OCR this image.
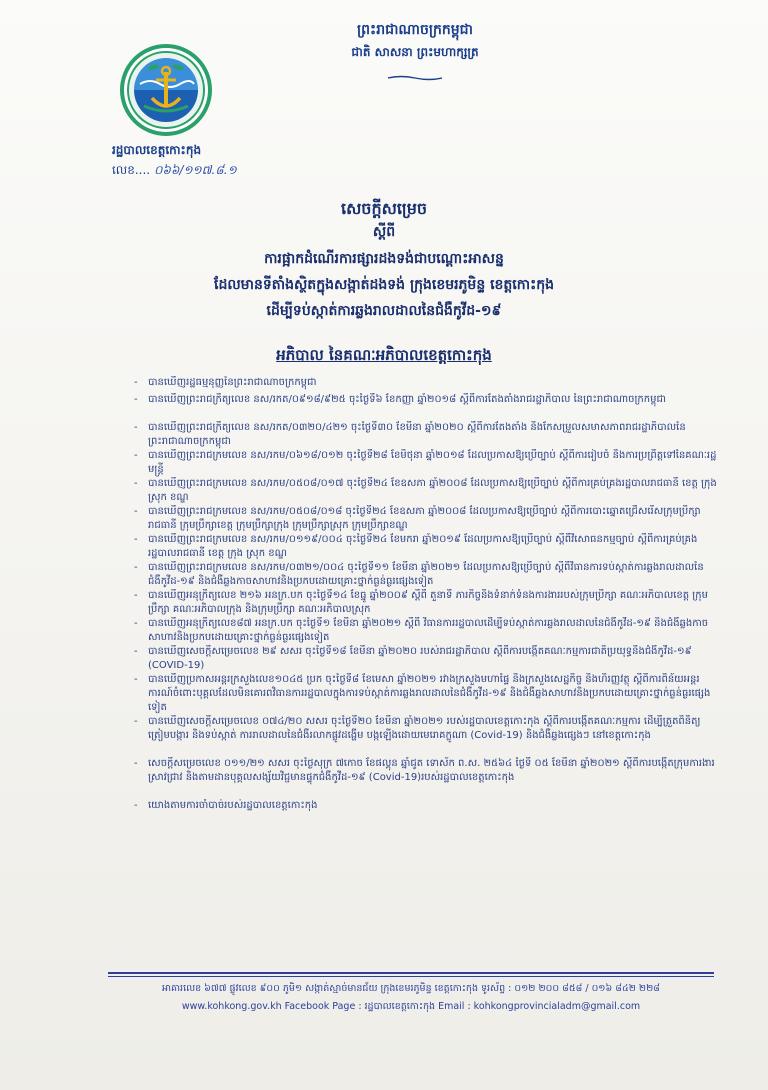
ព្រះរាជាណាចក្រកម្ពុជា
ជាតិ សាសនា ព្រះមហាក្សត្រ
រដ្ឋបាលខេត្តកោះកុង
លេខ.... ០៦៦/១១៧.៨.១
សេចក្តីសម្រេច
ស្តីពី
ការផ្អាកដំណើរការផ្សារដងទង់ជាបណ្តោះអាសន្ន
ដែលមានទីតាំងស្ថិតក្នុងសង្កាត់ដងទង់ ក្រុងខេមរភូមិន្ទ ខេត្តកោះកុង
ដើម្បីទប់ស្កាត់ការឆ្លងរាលដាលនៃជំងឺកូវីដ-១៩
អភិបាល នៃគណៈអភិបាលខេត្តកោះកុង
- បានឃើញរដ្ឋធម្មនុញ្ញនៃព្រះរាជាណាចក្រកម្ពុជា
- បានឃើញព្រះរាជក្រឹត្យលេខ នស/រកត/០៩១៨/៩២៥ ចុះថ្ងៃទី៦ ខែកញ្ញា ឆ្នាំ២០១៨ ស្តីពីការតែងតាំងរាជរដ្ឋាភិបាល នៃព្រះរាជាណាចក្រកម្ពុជា
- បានឃើញព្រះរាជក្រឹត្យលេខ នស/រកត/០៣២០/៤២១ ចុះថ្ងៃទី៣០ ខែមីនា ឆ្នាំ២០២០ ស្តីពីការតែងតាំង និងកែសម្រួលសមាសភាពរាជរដ្ឋាភិបាលនៃព្រះរាជាណាចក្រកម្ពុជា
- បានឃើញព្រះរាជក្រមលេខ នស/រកម/០៦១៨/០១២ ចុះថ្ងៃទី២៨ ខែមិថុនា ឆ្នាំ២០១៨ ដែលប្រកាសឱ្យប្រើច្បាប់ ស្តីពីការរៀបចំ និងការប្រព្រឹត្តទៅនៃគណៈរដ្ឋមន្ត្រី
- បានឃើញព្រះរាជក្រមលេខ នស/រកម/០៥០៨/០១៧ ចុះថ្ងៃទី២៤ ខែឧសភា ឆ្នាំ២០០៨ ដែលប្រកាសឱ្យប្រើច្បាប់ ស្តីពីការគ្រប់គ្រងរដ្ឋបាលរាជធានី ខេត្ត ក្រុង ស្រុក ខណ្ឌ
- បានឃើញព្រះរាជក្រមលេខ នស/រកម/០៥០៨/០១៨ ចុះថ្ងៃទី២៤ ខែឧសភា ឆ្នាំ២០០៨ ដែលប្រកាសឱ្យប្រើច្បាប់ ស្តីពីការបោះឆ្នោតជ្រើសរើសក្រុមប្រឹក្សារាជធានី ក្រុមប្រឹក្សាខេត្ត ក្រុមប្រឹក្សាក្រុង ក្រុមប្រឹក្សាស្រុក ក្រុមប្រឹក្សាខណ្ឌ
- បានឃើញព្រះរាជក្រមលេខ នស/រកម/០១១៩/០០៤ ចុះថ្ងៃទី២៤ ខែមករា ឆ្នាំ២០១៩ ដែលប្រកាសឱ្យប្រើច្បាប់ ស្តីពីវិសោធនកម្មច្បាប់ ស្តីពីការគ្រប់គ្រងរដ្ឋបាលរាជធានី ខេត្ត ក្រុង ស្រុក ខណ្ឌ
- បានឃើញព្រះរាជក្រមលេខ នស/រកម/០៣២១/០០៤ ចុះថ្ងៃទី១១ ខែមីនា ឆ្នាំ២០២១ ដែលប្រកាសឱ្យប្រើច្បាប់ ស្តីពីវិធានការទប់ស្កាត់ការឆ្លងរាលដាលនៃជំងឺកូវីដ-១៩ និងជំងឺឆ្លងកាចសាហាវនិងប្រកបដោយគ្រោះថ្នាក់ធ្ងន់ធ្ងរផ្សេងទៀត
- បានឃើញអនុក្រឹត្យលេខ ២១៦ អនក្រ.បក ចុះថ្ងៃទី១៤ ខែធ្នូ ឆ្នាំ២០០៩ ស្តីពី តួនាទី ភារកិច្ចនិងទំនាក់ទំនងការងាររបស់ក្រុមប្រឹក្សា គណៈអភិបាលខេត្ត ក្រុមប្រឹក្សា គណៈអភិបាលក្រុង និងក្រុមប្រឹក្សា គណៈអភិបាលស្រុក
- បានឃើញអនុក្រឹត្យលេខ៨៧ អនក្រ.បក ចុះថ្ងៃទី១ ខែមីនា ឆ្នាំ២០២១ ស្តីពី វិធានការរដ្ឋបាលដើម្បីទប់ស្កាត់ការឆ្លងរាលដាលនៃជំងឺកូវីដ-១៩ និងជំងឺឆ្លងកាចសាហាវនិងប្រកបដោយគ្រោះថ្នាក់ធ្ងន់ធ្ងរផ្សេងទៀត
- បានឃើញសេចក្តីសម្រេចលេខ ២៩ សសរ ចុះថ្ងៃទី១៨ ខែមីនា ឆ្នាំ២០២០ របស់រាជរដ្ឋាភិបាល ស្តីពីការបង្កើតគណៈកម្មការជាតិប្រយុទ្ធនឹងជំងឺកូវីដ-១៩ (COVID-19)
- បានឃើញប្រកាសអន្តរក្រសួងលេខ១០៤៥ ប្រក ចុះថ្ងៃទី៨ ខែមេសា ឆ្នាំ២០២១ រវាងក្រសួងមហាផ្ទៃ និងក្រសួងសេដ្ឋកិច្ច និងហិរញ្ញវត្ថុ ស្តីពីការពិន័យអន្តរការណ៍ចំពោះបុគ្គលដែលមិនគោរពវិធានការរដ្ឋបាលក្នុងការទប់ស្កាត់ការឆ្លងរាលដាលនៃជំងឺកូវីដ-១៩ និងជំងឺឆ្លងសាហាវនិងប្រកបដោយគ្រោះថ្នាក់ធ្ងន់ធ្ងរផ្សេងទៀត
- បានឃើញសេចក្តីសម្រេចលេខ ០៧៤/២០ សសរ ចុះថ្ងៃទី២០ ខែមីនា ឆ្នាំ២០២១ របស់រដ្ឋបាលខេត្តកោះកុង ស្តីពីការបង្កើតគណៈកម្មការ ដើម្បីត្រួតពិនិត្យ ត្រៀមបង្ការ និងទប់ស្កាត់ ការរាលដាលនៃជំងឺរលាកផ្លូវដង្ហើម បង្កឡើងដោយមេរោគក្លូណា (Covid-19) និងជំងឺឆ្លងផ្សេងៗ នៅខេត្តកោះកុង
- សេចក្តីសម្រេចលេខ ០១១/២១ សសរ ចុះថ្ងៃសុក្រ ៧កោច ខែផល្គុន ឆ្នាំជូត ទោស័ក ព.ស. ២៥៦៤ ថ្ងៃទី ០៥ ខែមីនា ឆ្នាំ២០២១ ស្តីពីការបង្កើតក្រុមការងារស្រាវជ្រាវ និងតាមដានបុគ្គលសង្ស័យវិជ្ជមានផ្ទុកជំងឺកូវីដ-១៩ (Covid-19)របស់រដ្ឋបាលខេត្តកោះកុង
- យោងតាមការចាំបាច់របស់រដ្ឋបាលខេត្តកោះកុង
អាគារលេខ ៦៧៧ ផ្លូវលេខ ៩០០ ភូមិ១ សង្កាត់ស្មាច់មានជ័យ ក្រុងខេមរភូមិន្ទ ខេត្តកោះកុង ទូរស័ព្ទ : ០១២ ២០០ ៨៥៨ / ០១៦ ៨៤២ ២២៨
www.kohkong.gov.kh Facebook Page : រដ្ឋបាលខេត្តកោះកុង Email : kohkongprovincialadm@gmail.com
